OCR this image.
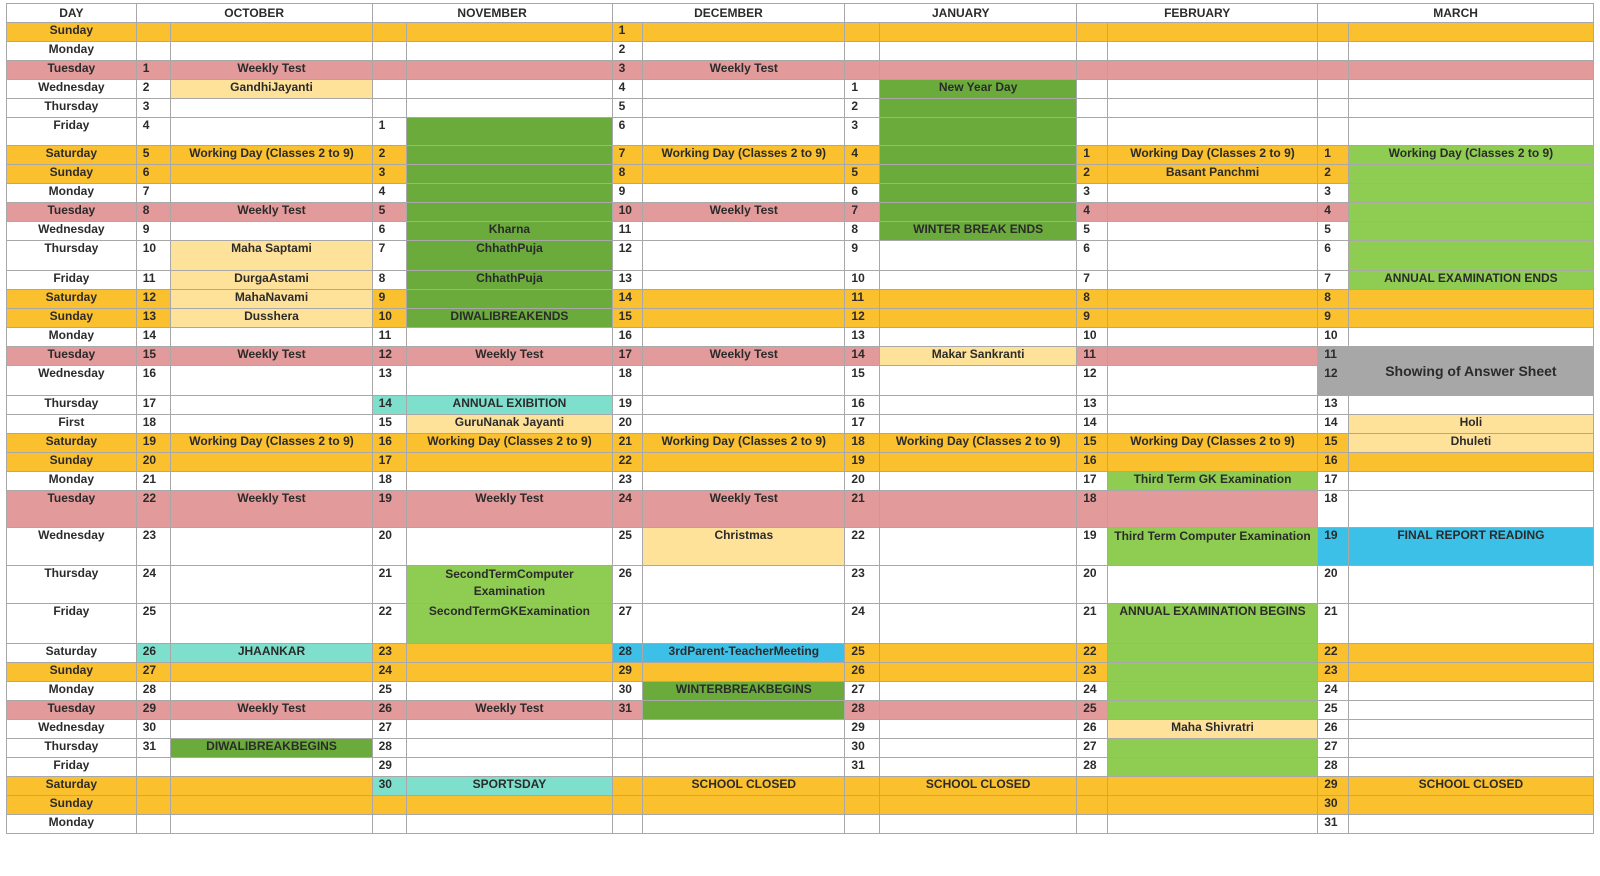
DAY	OCTOBER		NOVEMBER		DECEMBER		JANUARY		FEBRUARY		MARCH	
Sunday					1							
Monday					2							
Tuesday	1	Weekly Test			3	Weekly Test						
Wednesday	2	GandhiJayanti			4		1	New Year Day				
Thursday	3				5		2					
Friday	4		1		6		3					
Saturday	5	Working Day (Classes 2 to 9)	2		7	Working Day (Classes 2 to 9)	4		1	Working Day (Classes 2 to 9)	1	Working Day (Classes 2 to 9)
Sunday	6		3		8		5		2	Basant Panchmi	2	
Monday	7		4		9		6		3		3	
Tuesday	8	Weekly Test	5		10	Weekly Test	7		4		4	
Wednesday	9		6	Kharna	11		8	WINTER BREAK ENDS	5		5	
Thursday	10	Maha Saptami	7	ChhathPuja	12		9		6		6	
Friday	11	DurgaAstami	8	ChhathPuja	13		10		7		7	ANNUAL EXAMINATION ENDS
Saturday	12	MahaNavami	9		14		11		8		8	
Sunday	13	Dusshera	10	DIWALIBREAKENDS	15		12		9		9	
Monday	14		11		16		13		10		10	
Tuesday	15	Weekly Test	12	Weekly Test	17	Weekly Test	14	Makar Sankranti	11		11	Showing of Answer Sheet
Wednesday	16		13		18		15		12		12	
Thursday	17		14	ANNUAL EXIBITION	19		16		13		13	
First	18		15	GuruNanak Jayanti	20		17		14		14	Holi
Saturday	19	Working Day (Classes 2 to 9)	16	Working Day (Classes 2 to 9)	21	Working Day (Classes 2 to 9)	18	Working Day (Classes 2 to 9)	15	Working Day (Classes 2 to 9)	15	Dhuleti
Sunday	20		17		22		19		16		16	
Monday	21		18		23		20		17	Third Term GK Examination	17	
Tuesday	22	Weekly Test	19	Weekly Test	24	Weekly Test	21		18		18	
Wednesday	23		20		25	Christmas	22		19	Third Term Computer Examination	19	FINAL REPORT READING
Thursday	24		21	SecondTermComputer Examination	26		23		20		20	
Friday	25		22	SecondTermGKExamination	27		24		21	ANNUAL EXAMINATION BEGINS	21	
Saturday	26	JHAANKAR	23		28	3rdParent-TeacherMeeting	25		22		22	
Sunday	27		24		29		26		23		23	
Monday	28		25		30	WINTERBREAKBEGINS	27		24		24	
Tuesday	29	Weekly Test	26	Weekly Test	31		28		25		25	
Wednesday	30		27				29		26	Maha Shivratri	26	
Thursday	31	DIWALIBREAKBEGINS	28				30		27		27	
Friday			29				31		28		28	
Saturday			30	SPORTSDAY		SCHOOL CLOSED		SCHOOL CLOSED			29	SCHOOL CLOSED
Sunday											30	
Monday											31	
